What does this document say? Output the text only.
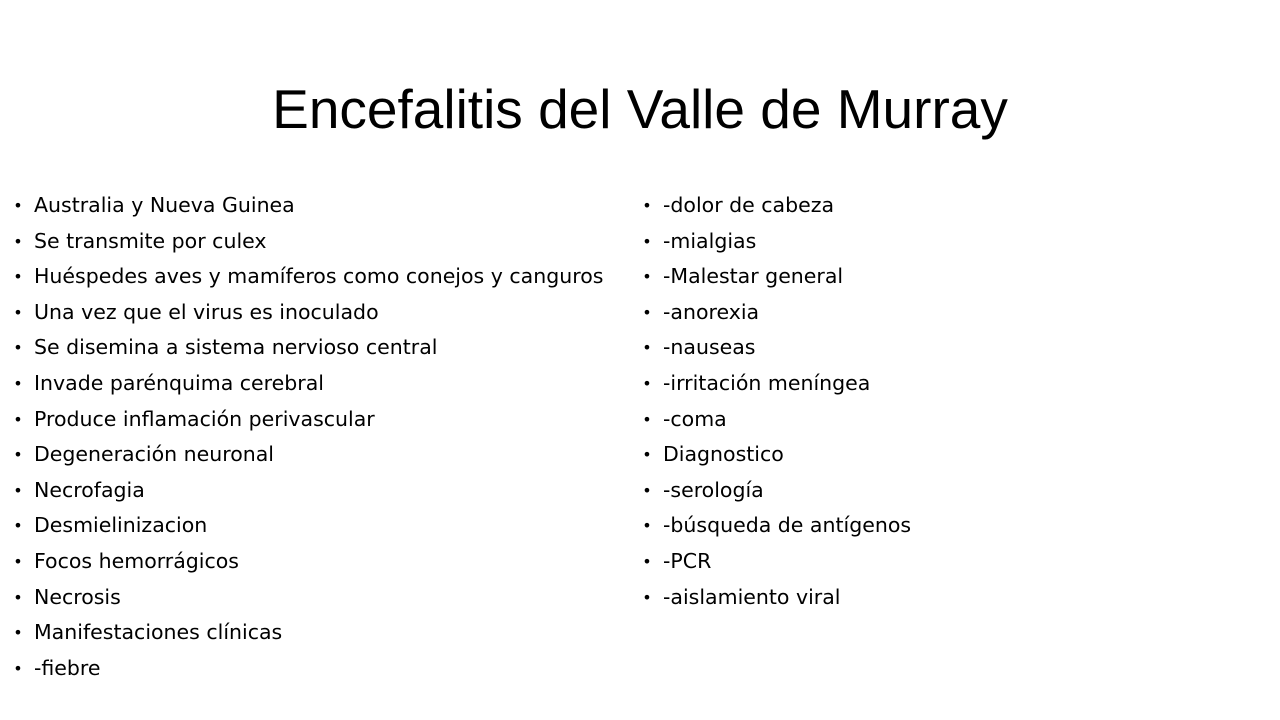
Encefalitis del Valle de Murray
• Australia y Nueva Guinea
• Se transmite por culex
• Huéspedes aves y mamíferos como conejos y canguros
• Una vez que el virus es inoculado
• Se disemina a sistema nervioso central
• Invade parénquima cerebral
• Produce inflamación perivascular
• Degeneración neuronal
• Necrofagia
• Desmielinizacion
• Focos hemorrágicos
• Necrosis
• Manifestaciones clínicas
• -fiebre
• -dolor de cabeza
• -mialgias
• -Malestar general
• -anorexia
• -nauseas
• -irritación meníngea
• -coma
• Diagnostico
• -serología
• -búsqueda de antígenos
• -PCR
• -aislamiento viral
